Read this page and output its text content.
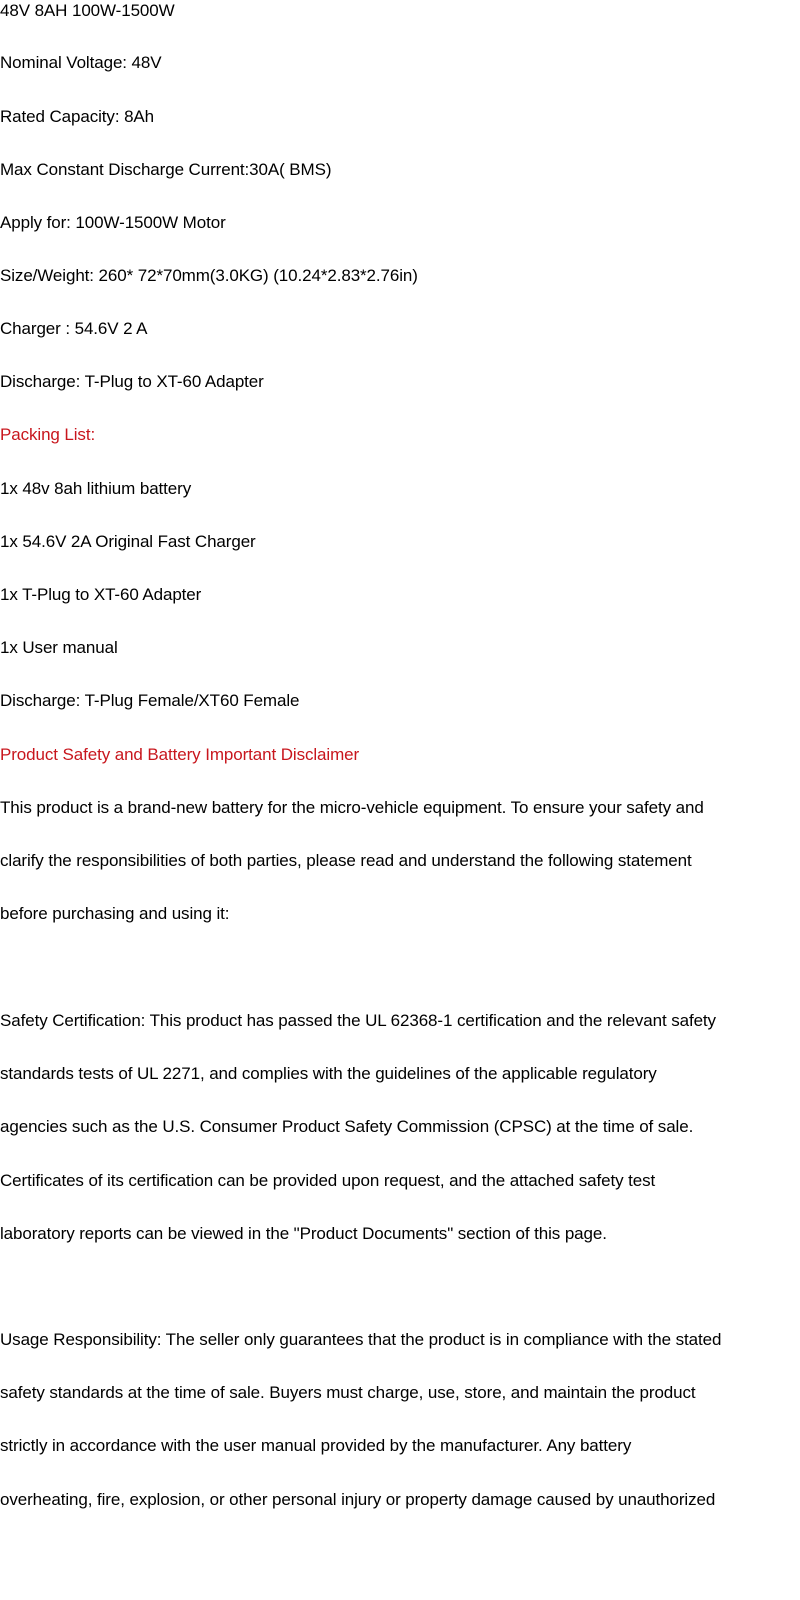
48V 8AH 100W-1500W
Nominal Voltage: 48V
Rated Capacity: 8Ah
Max Constant Discharge Current:30A( BMS)
Apply for: 100W-1500W Motor
Size/Weight: 260* 72*70mm(3.0KG) (10.24*2.83*2.76in)
Charger : 54.6V 2 A
Discharge: T-Plug to XT-60 Adapter
Packing List:
1x 48v 8ah lithium battery
1x 54.6V 2A Original Fast Charger
1x T-Plug to XT-60 Adapter
1x User manual
Discharge: T-Plug Female/XT60 Female
Product Safety and Battery Important Disclaimer
This product is a brand-new battery for the micro-vehicle equipment. To ensure your safety and
clarify the responsibilities of both parties, please read and understand the following statement
before purchasing and using it:
Safety Certification: This product has passed the UL 62368-1 certification and the relevant safety
standards tests of UL 2271, and complies with the guidelines of the applicable regulatory
agencies such as the U.S. Consumer Product Safety Commission (CPSC) at the time of sale.
Certificates of its certification can be provided upon request, and the attached safety test
laboratory reports can be viewed in the "Product Documents" section of this page.
Usage Responsibility: The seller only guarantees that the product is in compliance with the stated
safety standards at the time of sale. Buyers must charge, use, store, and maintain the product
strictly in accordance with the user manual provided by the manufacturer. Any battery
overheating, fire, explosion, or other personal injury or property damage caused by unauthorized
